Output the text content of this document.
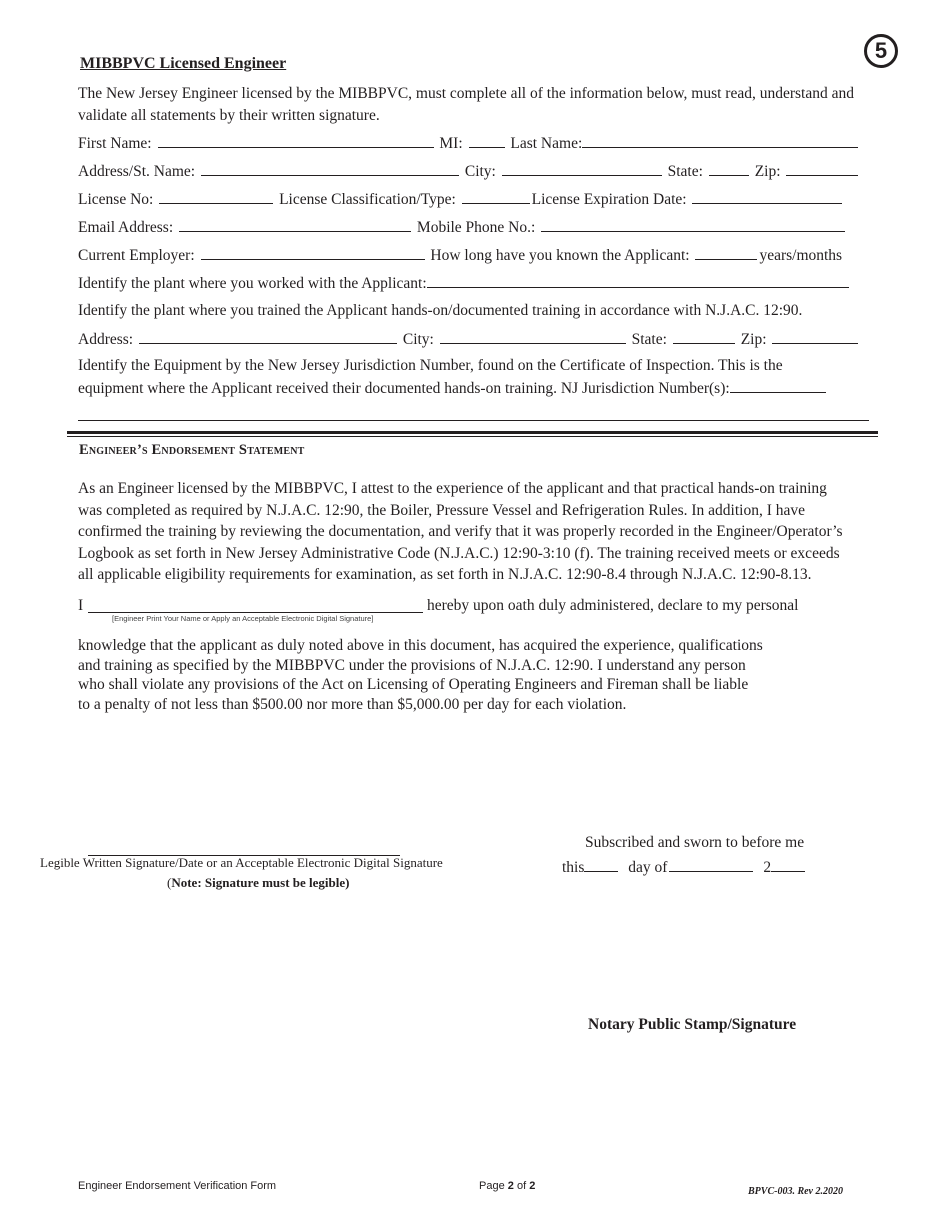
5
MIBBPVC Licensed Engineer
The New Jersey Engineer licensed by the MIBBPVC, must complete all of the information below, must read, understand and validate all statements by their written signature.
First Name:	MI:	Last Name:
Address/St. Name:	City:	State:	Zip:
License No:	License Classification/Type:	License Expiration Date:
Email Address:	Mobile Phone No.:
Current Employer:	How long have you known the Applicant:	years/months
Identify the plant where you worked with the Applicant:
Identify the plant where you trained the Applicant hands-on/documented training in accordance with N.J.A.C. 12:90.
Address:	City:	State:	Zip:
Identify the Equipment by the New Jersey Jurisdiction Number, found on the Certificate of Inspection. This is the
equipment where the Applicant received their documented hands-on training. NJ Jurisdiction Number(s):
Engineer’s Endorsement Statement
As an Engineer licensed by the MIBBPVC, I attest to the experience of the applicant and that practical hands-on training
was completed as required by N.J.A.C. 12:90, the Boiler, Pressure Vessel and Refrigeration Rules. In addition, I have
confirmed the training by reviewing the documentation, and verify that it was properly recorded in the Engineer/Operator’s
Logbook as set forth in New Jersey Administrative Code (N.J.A.C.) 12:90-3:10 (f). The training received meets or exceeds
all applicable eligibility requirements for examination, as set forth in N.J.A.C. 12:90-8.4 through N.J.A.C. 12:90-8.13.
I
[Engineer Print Your Name or Apply an Acceptable Electronic Digital Signature]
hereby upon oath duly administered, declare to my personal
knowledge that the applicant as duly noted above in this document, has acquired the experience, qualifications
and training as specified by the MIBBPVC under the provisions of N.J.A.C. 12:90. I understand any person
who shall violate any provisions of the Act on Licensing of Operating Engineers and Fireman shall be liable
to a penalty of not less than $500.00 nor more than $5,000.00 per day for each violation.
Legible Written Signature/Date or an Acceptable Electronic Digital Signature
(Note: Signature must be legible)
Subscribed and sworn to before me
this	day of	2
Notary Public Stamp/Signature
Engineer Endorsement Verification Form	Page 2 of 2	BPVC-003. Rev 2.2020
